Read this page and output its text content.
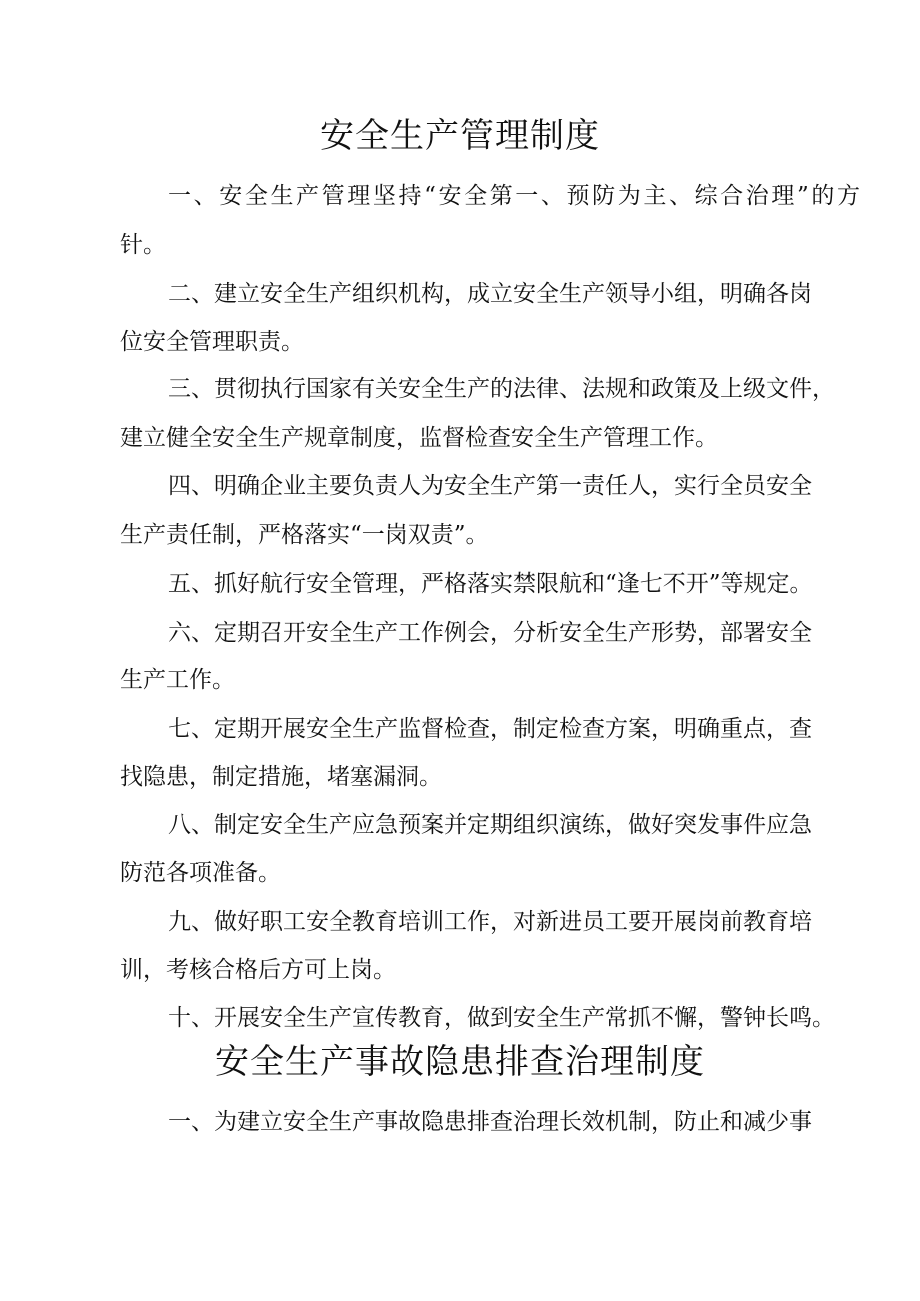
安全生产管理制度
一、安全生产管理坚持“安全第一、预防为主、综合治理”的方
针。
二、建立安全生产组织机构，成立安全生产领导小组，明确各岗
位安全管理职责。
三、贯彻执行国家有关安全生产的法律、法规和政策及上级文件，
建立健全安全生产规章制度，监督检查安全生产管理工作。
四、明确企业主要负责人为安全生产第一责任人，实行全员安全
生产责任制，严格落实“一岗双责”。
五、抓好航行安全管理，严格落实禁限航和“逢七不开”等规定。
六、定期召开安全生产工作例会，分析安全生产形势，部署安全
生产工作。
七、定期开展安全生产监督检查，制定检查方案，明确重点，查
找隐患，制定措施，堵塞漏洞。
八、制定安全生产应急预案并定期组织演练，做好突发事件应急
防范各项准备。
九、做好职工安全教育培训工作，对新进员工要开展岗前教育培
训，考核合格后方可上岗。
十、开展安全生产宣传教育，做到安全生产常抓不懈，警钟长鸣。
安全生产事故隐患排查治理制度
一、为建立安全生产事故隐患排查治理长效机制，防止和减少事
